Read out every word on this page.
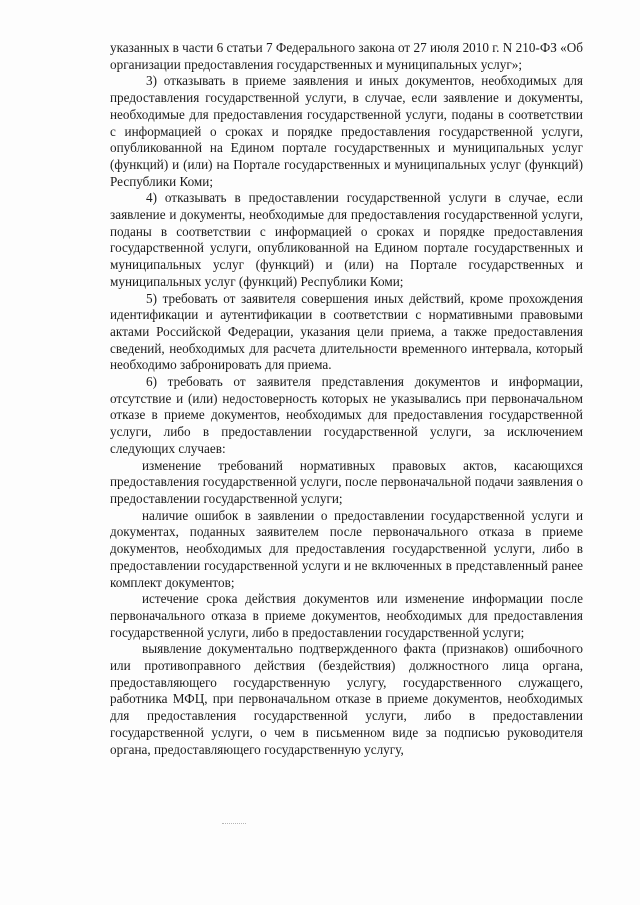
указанных в части 6 статьи 7 Федерального закона от 27 июля 2010 г. N 210-ФЗ «Об организации предоставления государственных и муниципальных услуг»;

3) отказывать в приеме заявления и иных документов, необходимых для предоставления государственной услуги, в случае, если заявление и документы, необходимые для предоставления государственной услуги, поданы в соответствии с информацией о сроках и порядке предоставления государственной услуги, опубликованной на Едином портале государственных и муниципальных услуг (функций) и (или) на Портале государственных и муниципальных услуг (функций) Республики Коми;

4) отказывать в предоставлении государственной услуги в случае, если заявление и документы, необходимые для предоставления государственной услуги, поданы в соответствии с информацией о сроках и порядке предоставления государственной услуги, опубликованной на Едином портале государственных и муниципальных услуг (функций) и (или) на Портале государственных и муниципальных услуг (функций) Республики Коми;

5) требовать от заявителя совершения иных действий, кроме прохождения идентификации и аутентификации в соответствии с нормативными правовыми актами Российской Федерации, указания цели приема, а также предоставления сведений, необходимых для расчета длительности временного интервала, который необходимо забронировать для приема.

6) требовать от заявителя представления документов и информации, отсутствие и (или) недостоверность которых не указывались при первоначальном отказе в приеме документов, необходимых для предоставления государственной услуги, либо в предоставлении государственной услуги, за исключением следующих случаев:

изменение требований нормативных правовых актов, касающихся предоставления государственной услуги, после первоначальной подачи заявления о предоставлении государственной услуги;

наличие ошибок в заявлении о предоставлении государственной услуги и документах, поданных заявителем после первоначального отказа в приеме документов, необходимых для предоставления государственной услуги, либо в предоставлении государственной услуги и не включенных в представленный ранее комплект документов;

истечение срока действия документов или изменение информации после первоначального отказа в приеме документов, необходимых для предоставления государственной услуги, либо в предоставлении государственной услуги;

выявление документально подтвержденного факта (признаков) ошибочного или противоправного действия (бездействия) должностного лица органа, предоставляющего государственную услугу, государственного служащего, работника МФЦ, при первоначальном отказе в приеме документов, необходимых для предоставления государственной услуги, либо в предоставлении государственной услуги, о чем в письменном виде за подписью руководителя органа, предоставляющего государственную услугу,
